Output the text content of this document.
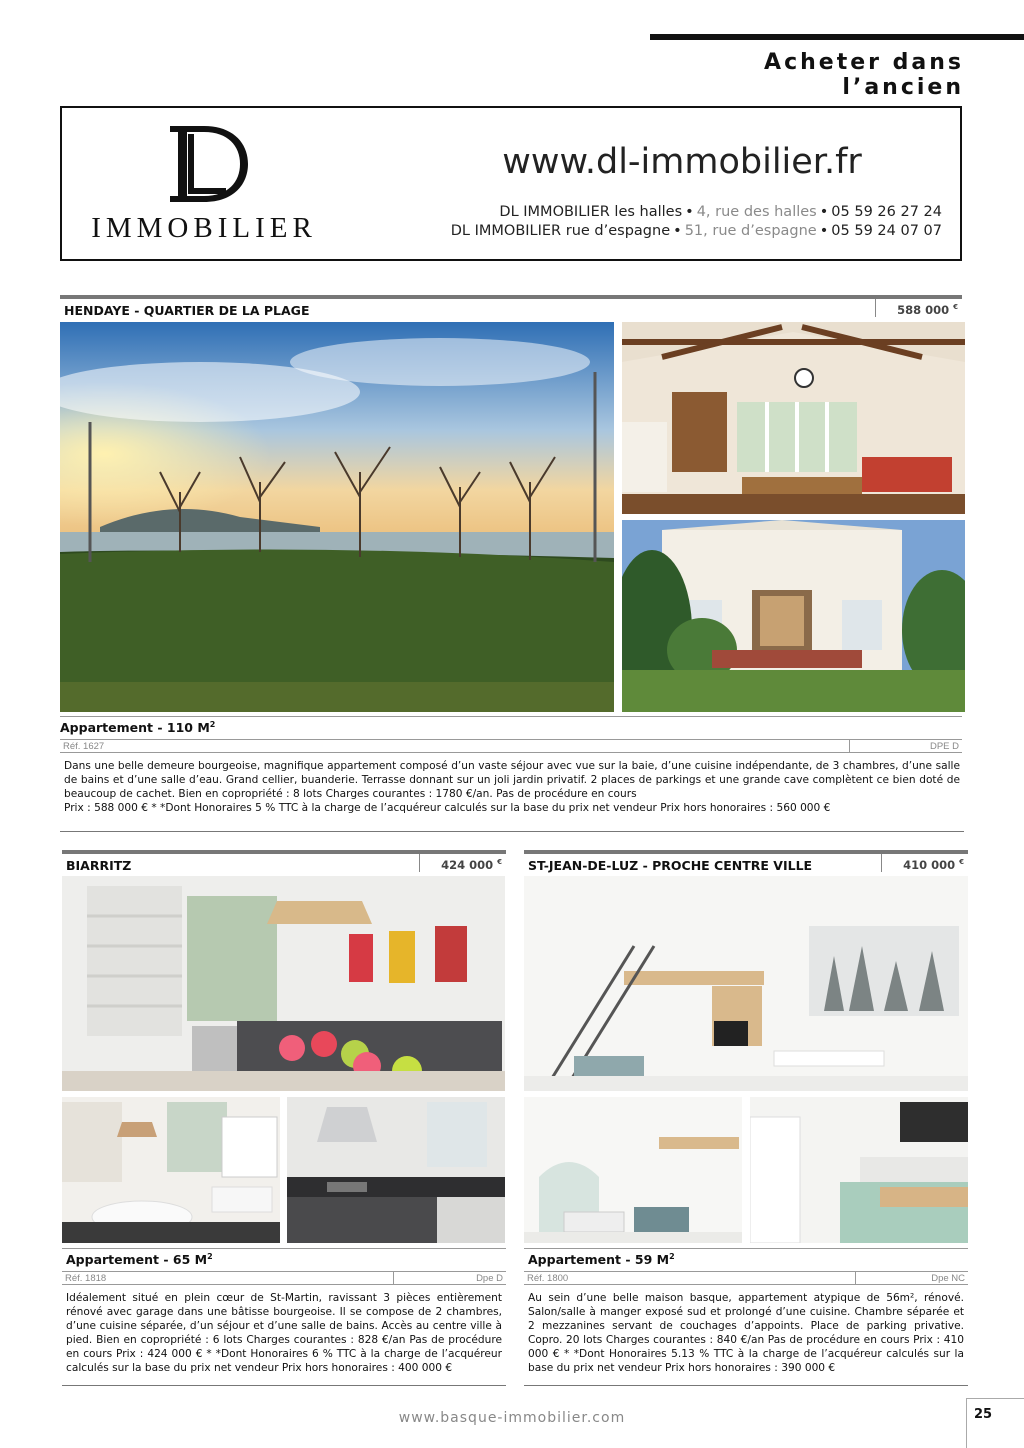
Acheter dans l’ancien
IMMOBILIER
www.dl-immobilier.fr
DL IMMOBILIER les halles • 4, rue des halles • 05 59 26 27 24
DL IMMOBILIER rue d’espagne • 51, rue d’espagne • 05 59 24 07 07
HENDAYE - QUARTIER DE LA PLAGE	588 000 €
Appartement - 110 $M^2$
Réf. 1627	DPE D
Dans une belle demeure bourgeoise, magnifique appartement composé d’un vaste séjour avec vue sur la baie, d’une cuisine indépendante, de 3 chambres, d’une salle de bains et d’une salle d’eau. Grand cellier, buanderie. Terrasse donnant sur un joli jardin privatif. 2 places de parkings et une grande cave complètent ce bien doté de beaucoup de cachet. Bien en copropriété : 8 lots Charges courantes : 1780 €/an. Pas de procédure en cours
Prix : 588 000 € * *Dont Honoraires 5 % TTC à la charge de l’acquéreur calculés sur la base du prix net vendeur Prix hors honoraires : 560 000 €
BIARRITZ	424 000 €
Appartement - 65 $M^2$
Réf. 1818	Dpe D
Idéalement situé en plein cœur de St-Martin, ravissant 3 pièces entièrement rénové avec garage dans une bâtisse bourgeoise. Il se compose de 2 chambres, d’une cuisine séparée, d’un séjour et d’une salle de bains. Accès au centre ville à pied. Bien en copropriété : 6 lots Charges courantes : 828 €/an Pas de procédure en cours Prix : 424 000 € * *Dont Honoraires 6 % TTC à la charge de l’acquéreur calculés sur la base du prix net vendeur Prix hors honoraires : 400 000 €
ST-JEAN-DE-LUZ - PROCHE CENTRE VILLE	410 000 €
Appartement - 59 $M^2$
Réf. 1800	Dpe NC
Au sein d’une belle maison basque, appartement atypique de 56m², rénové. Salon/salle à manger exposé sud et prolongé d’une cuisine. Chambre séparée et 2 mezzanines servant de couchages d’appoints. Place de parking privative. Copro. 20 lots Charges courantes : 840 €/an Pas de procédure en cours Prix : 410 000 € * *Dont Honoraires 5.13 % TTC à la charge de l’acquéreur calculés sur la base du prix net vendeur Prix hors honoraires : 390 000 €
www.basque-immobilier.com	25
